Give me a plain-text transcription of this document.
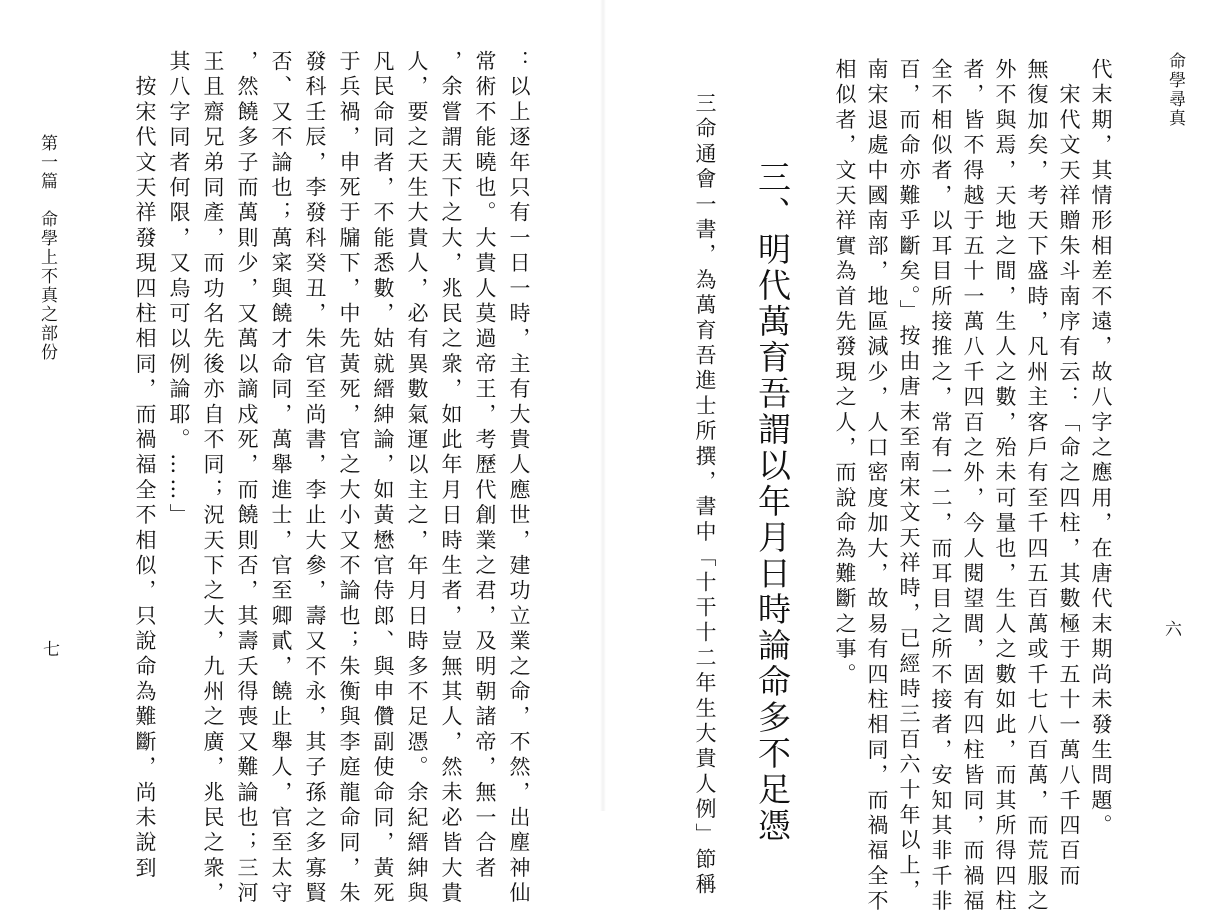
命學尋真
六
代末期，其情形相差不遠，故八字之應用，在唐代末期尚未發生問題。
　宋代文天祥贈朱斗南序有云：「命之四柱，其數極于五十一萬八千四百而
無復加矣，考天下盛時，凡州主客戶有至千四五百萬或千七八百萬，而荒服之
外不與焉，天地之間，生人之數，殆未可量也，生人之數如此，而其所得四柱
者，皆不得越于五十一萬八千四百之外，今人閱望閭，固有四柱皆同，而禍福
全不相似者，以耳目所接推之，常有一二，而耳目之所不接者，安知其非千非
百，而命亦難乎斷矣。」按由唐末至南宋文天祥時，已經時三百六十年以上，
南宋退處中國南部，地區減少，人口密度加大，故易有四柱相同，而禍福全不
相似者，文天祥實為首先發現之人，而說命為難斷之事。
三、明代萬育吾謂以年月日時論命多不足憑
三命通會一書，為萬育吾進士所撰，書中「十干十二年生大貴人例」節稱
：以上逐年只有一日一時，主有大貴人應世，建功立業之命，不然，出塵神仙
常術不能曉也。大貴人莫過帝王，考歷代創業之君，及明朝諸帝，無一合者
，余嘗謂天下之大，兆民之衆，如此年月日時生者，豈無其人，然未必皆大貴
人，要之天生大貴人，必有異數氣運以主之，年月日時多不足憑。余紀縉紳與
凡民命同者，不能悉數，姑就縉紳論，如黃懋官侍郎、與申儹副使命同，黃死
于兵禍，申死于牖下，中先黃死，官之大小又不論也；朱衡與李庭龍命同，朱
發科壬辰，李發科癸丑，朱官至尚書，李止大參，壽又不永，其子孫之多寡賢
否、又不論也；萬寀與饒才命同，萬舉進士，官至卿貳，饒止舉人，官至太守
，然饒多子而萬則少，又萬以謫戍死，而饒則否，其壽夭得喪又難論也；三河
王且齋兄弟同產，而功名先後亦自不同；況天下之大，九州之廣，兆民之衆，
其八字同者何限，又烏可以例論耶。……」
　按宋代文天祥發現四柱相同，而禍福全不相似，只說命為難斷，尚未說到
第一篇　命學上不真之部份
七
